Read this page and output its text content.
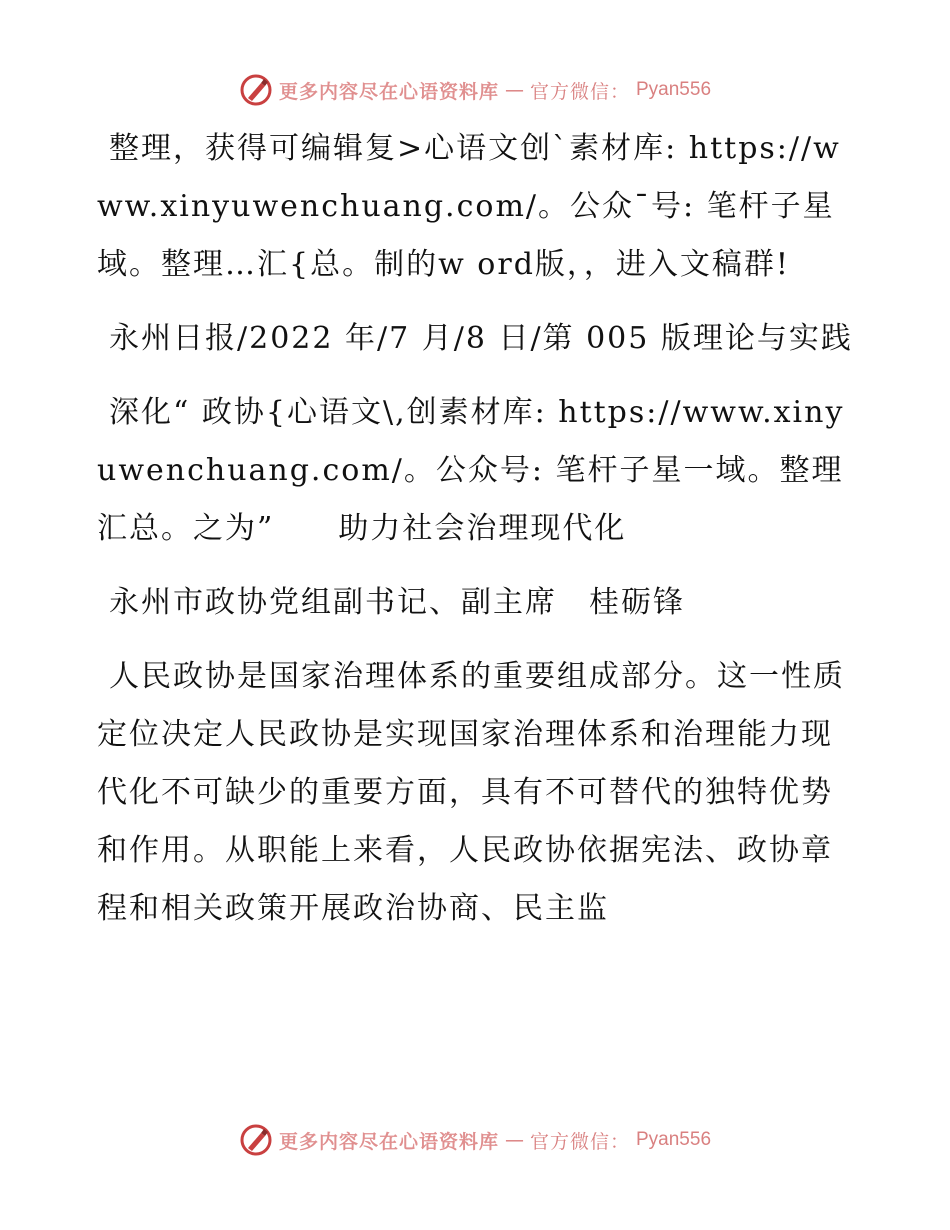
更多内容尽在心语资料库 — 官方微信： Pyan556

整理，获得可编辑复>心语文创`素材库: https://www.xinyuwenchuang.com/。公众¯号: 笔杆子星域。整理…汇{总。制的w ord版，，进入文稿群!

永州日报/2022 年/7 月/8 日/第 005 版理论与实践

深化“ 政协{心语文\,创素材库: https://www.xinyuwenchuang.com/。公众号: 笔杆子星一域。整理汇总。之为”　　助力社会治理现代化

永州市政协党组副书记、副主席　桂砺锋

人民政协是国家治理体系的重要组成部分。这一性质定位决定人民政协是实现国家治理体系和治理能力现代化不可缺少的重要方面，具有不可替代的独特优势和作用。从职能上来看，人民政协依据宪法、政协章程和相关政策开展政治协商、民主监

更多内容尽在心语资料库 — 官方微信： Pyan556
